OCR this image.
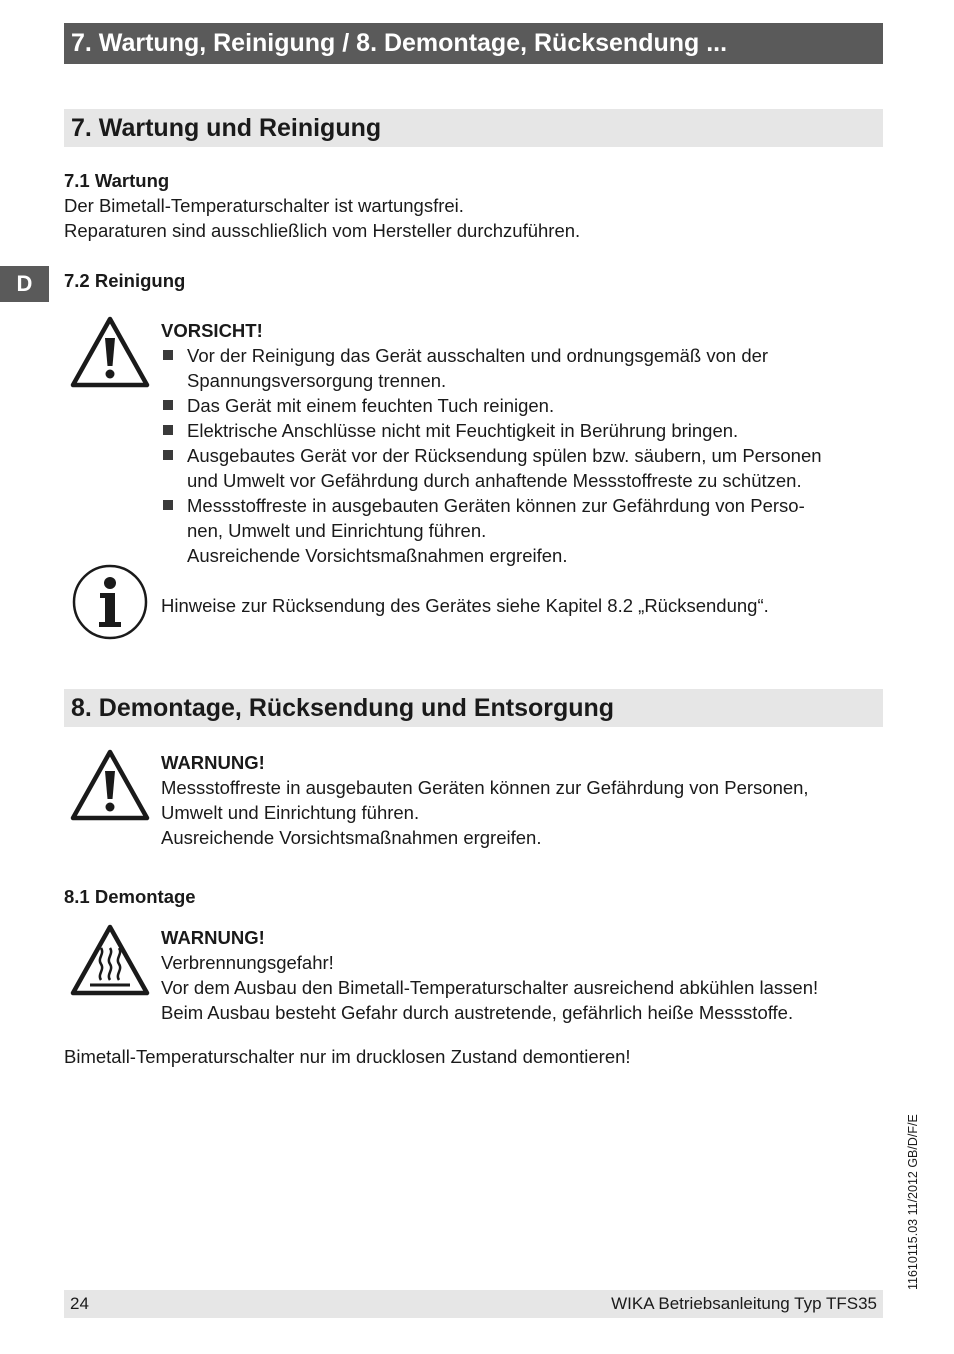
7. Wartung, Reinigung / 8. Demontage, Rücksendung ...
D
7. Wartung und Reinigung
7.1 Wartung
Der Bimetall-Temperaturschalter ist wartungsfrei.
Reparaturen sind ausschließlich vom Hersteller durchzuführen.
7.2 Reinigung
VORSICHT!
Vor der Reinigung das Gerät ausschalten und ordnungsgemäß von der
Spannungsversorgung trennen.
Das Gerät mit einem feuchten Tuch reinigen.
Elektrische Anschlüsse nicht mit Feuchtigkeit in Berührung bringen.
Ausgebautes Gerät vor der Rücksendung spülen bzw. säubern, um Personen
und Umwelt vor Gefährdung durch anhaftende Messstoffreste zu schützen.
Messstoffreste in ausgebauten Geräten können zur Gefährdung von Perso-
nen, Umwelt und Einrichtung führen.
Ausreichende Vorsichtsmaßnahmen ergreifen.
Hinweise zur Rücksendung des Gerätes siehe Kapitel 8.2 „Rücksendung“.
8. Demontage, Rücksendung und Entsorgung
WARNUNG!
Messstoffreste in ausgebauten Geräten können zur Gefährdung von Personen,
Umwelt und Einrichtung führen.
Ausreichende Vorsichtsmaßnahmen ergreifen.
8.1 Demontage
WARNUNG!
Verbrennungsgefahr!
Vor dem Ausbau den Bimetall-Temperaturschalter ausreichend abkühlen lassen!
Beim Ausbau besteht Gefahr durch austretende, gefährlich heiße Messstoffe.
Bimetall-Temperaturschalter nur im drucklosen Zustand demontieren!
11610115.03 11/2012 GB/D/F/E
24	WIKA Betriebsanleitung Typ TFS35
